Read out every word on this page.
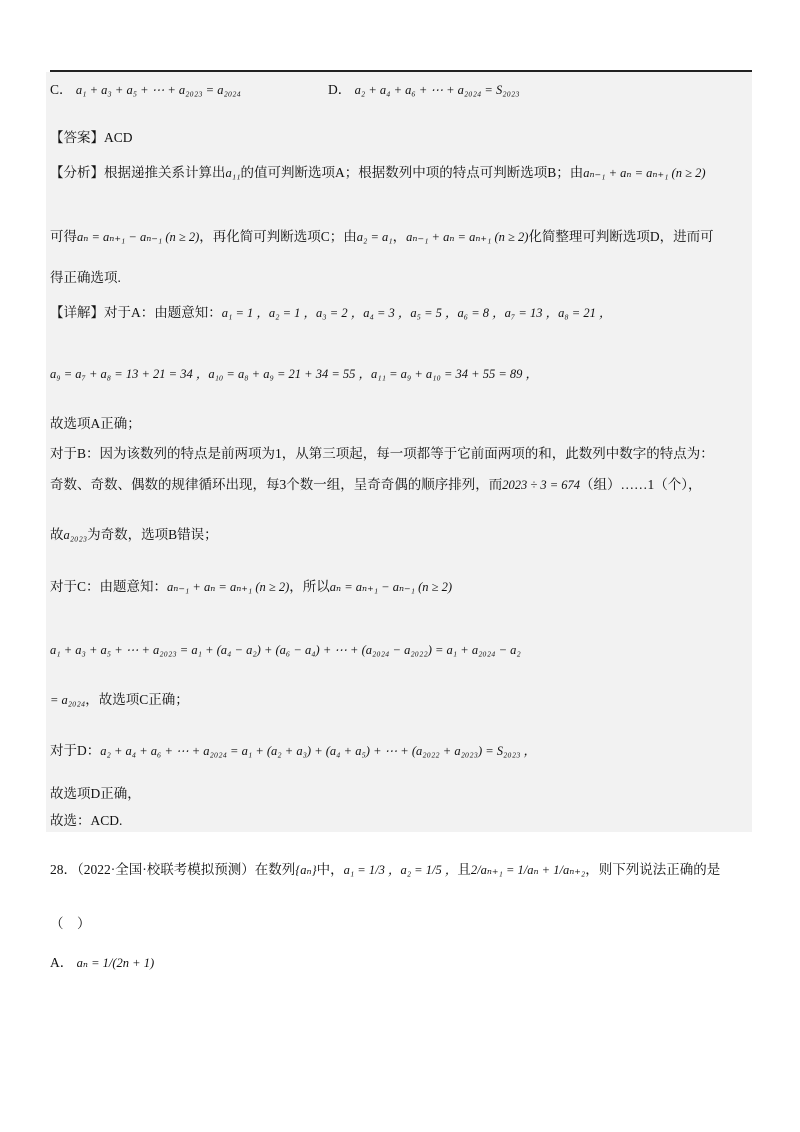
C． a₁ + a₃ + a₅ + ⋯ + a₂₀₂₃ = a₂₀₂₄	D． a₂ + a₄ + a₆ + ⋯ + a₂₀₂₄ = S₂₀₂₃
【答案】ACD
【分析】根据递推关系计算出a₁₁的值可判断选项A；根据数列中项的特点可判断选项B；由aₙ₋₁ + aₙ = aₙ₊₁ (n ≥ 2)
可得aₙ = aₙ₊₁ − aₙ₋₁ (n ≥ 2)，再化简可判断选项C；由a₂ = a₁，aₙ₋₁ + aₙ = aₙ₊₁ (n ≥ 2)化简整理可判断选项D，进而可
得正确选项.
【详解】对于A：由题意知：a₁ = 1 ，a₂ = 1 ，a₃ = 2 ，a₄ = 3 ，a₅ = 5 ，a₆ = 8 ，a₇ = 13 ，a₈ = 21 ，
a₉ = a₇ + a₈ = 13 + 21 = 34 ，a₁₀ = a₈ + a₉ = 21 + 34 = 55 ，a₁₁ = a₉ + a₁₀ = 34 + 55 = 89 ，
故选项A正确；
对于B：因为该数列的特点是前两项为1，从第三项起，每一项都等于它前面两项的和，此数列中数字的特点为：
奇数、奇数、偶数的规律循环出现，每3个数一组，呈奇奇偶的顺序排列，而2023 ÷ 3 = 674（组）……1（个），
故a₂₀₂₃为奇数，选项B错误；
对于C：由题意知：aₙ₋₁ + aₙ = aₙ₊₁ (n ≥ 2)，所以aₙ = aₙ₊₁ − aₙ₋₁ (n ≥ 2)
a₁ + a₃ + a₅ + ⋯ + a₂₀₂₃ = a₁ + (a₄ − a₂) + (a₆ − a₄) + ⋯ + (a₂₀₂₄ − a₂₀₂₂) = a₁ + a₂₀₂₄ − a₂
= a₂₀₂₄，故选项C正确；
对于D：a₂ + a₄ + a₆ + ⋯ + a₂₀₂₄ = a₁ + (a₂ + a₃) + (a₄ + a₅) + ⋯ + (a₂₀₂₂ + a₂₀₂₃) = S₂₀₂₃ ，
故选项D正确，
故选：ACD.
28．（2022·全国·校联考模拟预测）在数列{aₙ}中，a₁ = 1/3 ，a₂ = 1/5 ，且2/aₙ₊₁ = 1/aₙ + 1/aₙ₊₂，则下列说法正确的是
（　）
A． aₙ = 1/(2n + 1)
